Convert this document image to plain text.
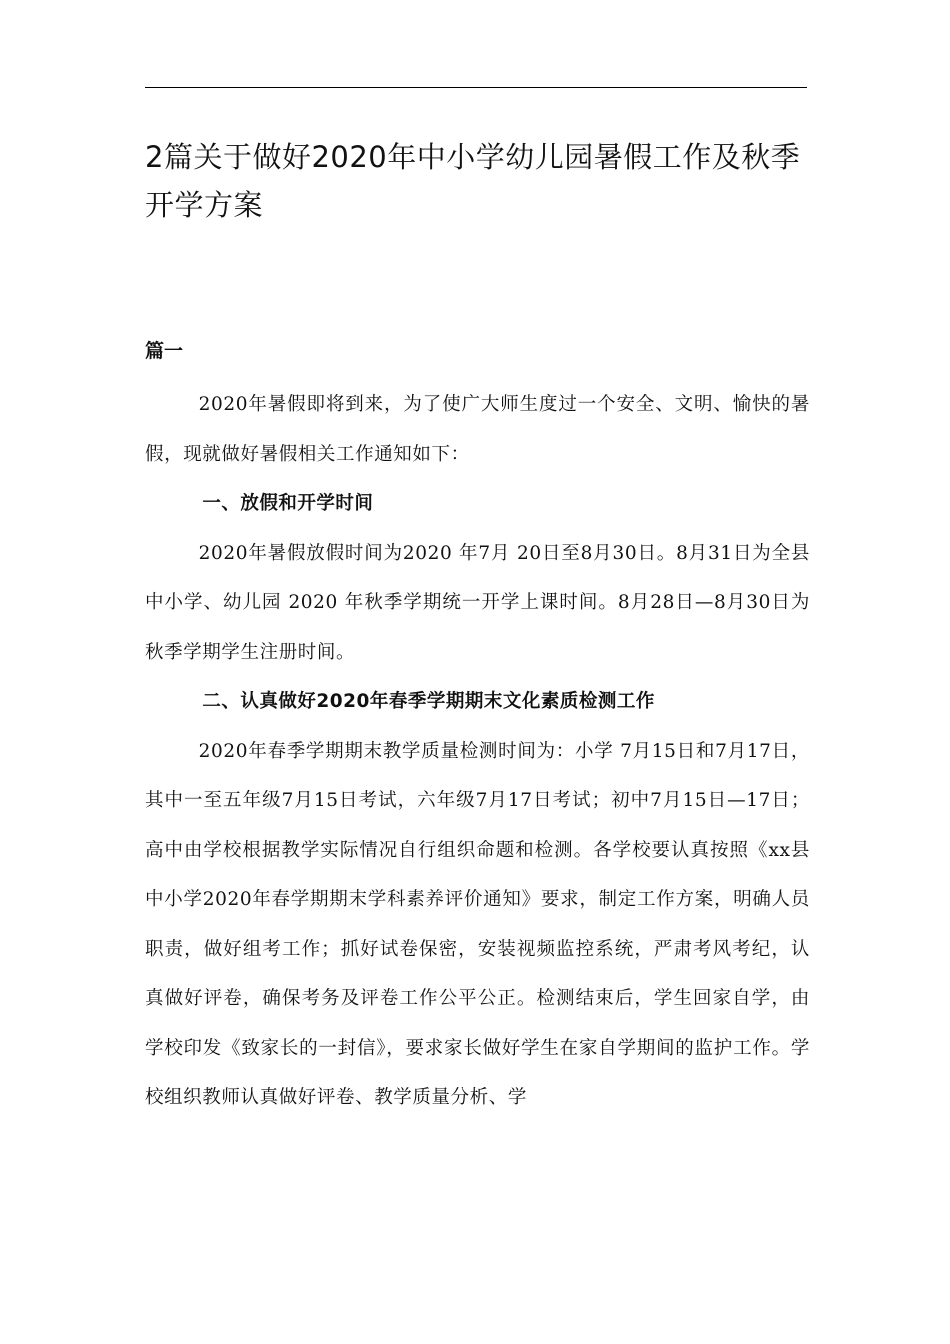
2篇关于做好2020年中小学幼儿园暑假工作及秋季开学方案
篇一

2020年暑假即将到来，为了使广大师生度过一个安全、文明、愉快的暑假，现就做好暑假相关工作通知如下：

一、放假和开学时间

2020年暑假放假时间为2020 年7月 20日至8月30日。8月31日为全县中小学、幼儿园 2020 年秋季学期统一开学上课时间。8月28日—8月30日为秋季学期学生注册时间。

二、认真做好2020年春季学期期末文化素质检测工作

2020年春季学期期末教学质量检测时间为：小学 7月15日和7月17日， 其中一至五年级7月15日考试，六年级7月17日考试；初中7月15日—17日；高中由学校根据教学实际情况自行组织命题和检测。各学校要认真按照《xx县中小学2020年春学期期末学科素养评价通知》要求，制定工作方案，明确人员职责，做好组考工作；抓好试卷保密，安装视频监控系统，严肃考风考纪，认真做好评卷，确保考务及评卷工作公平公正。检测结束后，学生回家自学，由学校印发《致家长的一封信》，要求家长做好学生在家自学期间的监护工作。学校组织教师认真做好评卷、教学质量分析、学
